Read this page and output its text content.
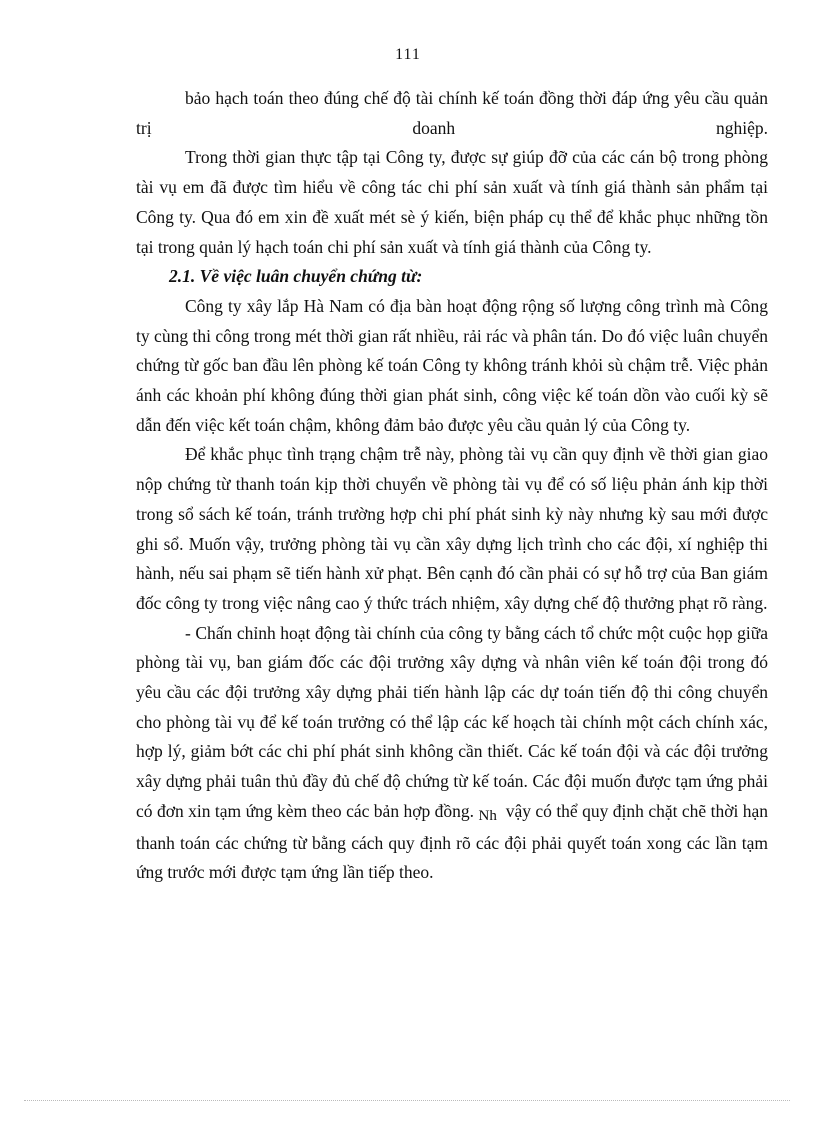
111

bảo hạch toán theo đúng chế độ tài chính kế toán đồng thời đáp ứng yêu cầu quản trị doanh nghiệp.

Trong thời gian thực tập tại Công ty, được sự giúp đỡ của các cán bộ trong phòng tài vụ em đã được tìm hiểu về công tác chi phí sản xuất và tính giá thành sản phẩm tại Công ty. Qua đó em xin đề xuất mét sè ý kiến, biện pháp cụ thể để khắc phục những tồn tại trong quản lý hạch toán chi phí sản xuất và tính giá thành của Công ty.

2.1. Về việc luân chuyển chứng từ:

Công ty xây lắp Hà Nam có địa bàn hoạt động rộng số lượng công trình mà Công ty cùng thi công trong mét thời gian rất nhiều, rải rác và phân tán. Do đó việc luân chuyển chứng từ gốc ban đầu lên phòng kế toán Công ty không tránh khỏi sù chậm trễ. Việc phản ánh các khoản phí không đúng thời gian phát sinh, công việc kế toán dồn vào cuối kỳ sẽ dẫn đến việc kết toán chậm, không đảm bảo được yêu cầu quản lý của Công ty.

Để khắc phục tình trạng chậm trễ này, phòng tài vụ cần quy định về thời gian giao nộp chứng từ thanh toán kịp thời chuyển về phòng tài vụ để có số liệu phản ánh kịp thời trong sổ sách kế toán, tránh trường hợp chi phí phát sinh kỳ này nhưng kỳ sau mới được ghi sổ. Muốn vậy, trưởng phòng tài vụ cần xây dựng lịch trình cho các đội, xí nghiệp thi hành, nếu sai phạm sẽ tiến hành xử phạt. Bên cạnh đó cần phải có sự hỗ trợ của Ban giám đốc công ty trong việc nâng cao ý thức trách nhiệm, xây dựng chế độ thưởng phạt rõ ràng.

- Chấn chỉnh hoạt động tài chính của công ty bằng cách tổ chức một cuộc họp giữa phòng tài vụ, ban giám đốc các đội trưởng xây dựng và nhân viên kế toán đội trong đó yêu cầu các đội trưởng xây dựng phải tiến hành lập các dự toán tiến độ thi công chuyển cho phòng tài vụ để kế toán trưởng có thể lập các kế hoạch tài chính một cách chính xác, hợp lý, giảm bớt các chi phí phát sinh không cần thiết. Các kế toán đội và các đội trưởng xây dựng phải tuân thủ đầy đủ chế độ chứng từ kế toán. Các đội muốn được tạm ứng phải có đơn xin tạm ứng kèm theo các bản hợp đồng. Nh vậy có thể quy định chặt chẽ thời hạn thanh toán các chứng từ bằng cách quy định rõ các đội phải quyết toán xong các lần tạm ứng trước mới được tạm ứng lần tiếp theo.
